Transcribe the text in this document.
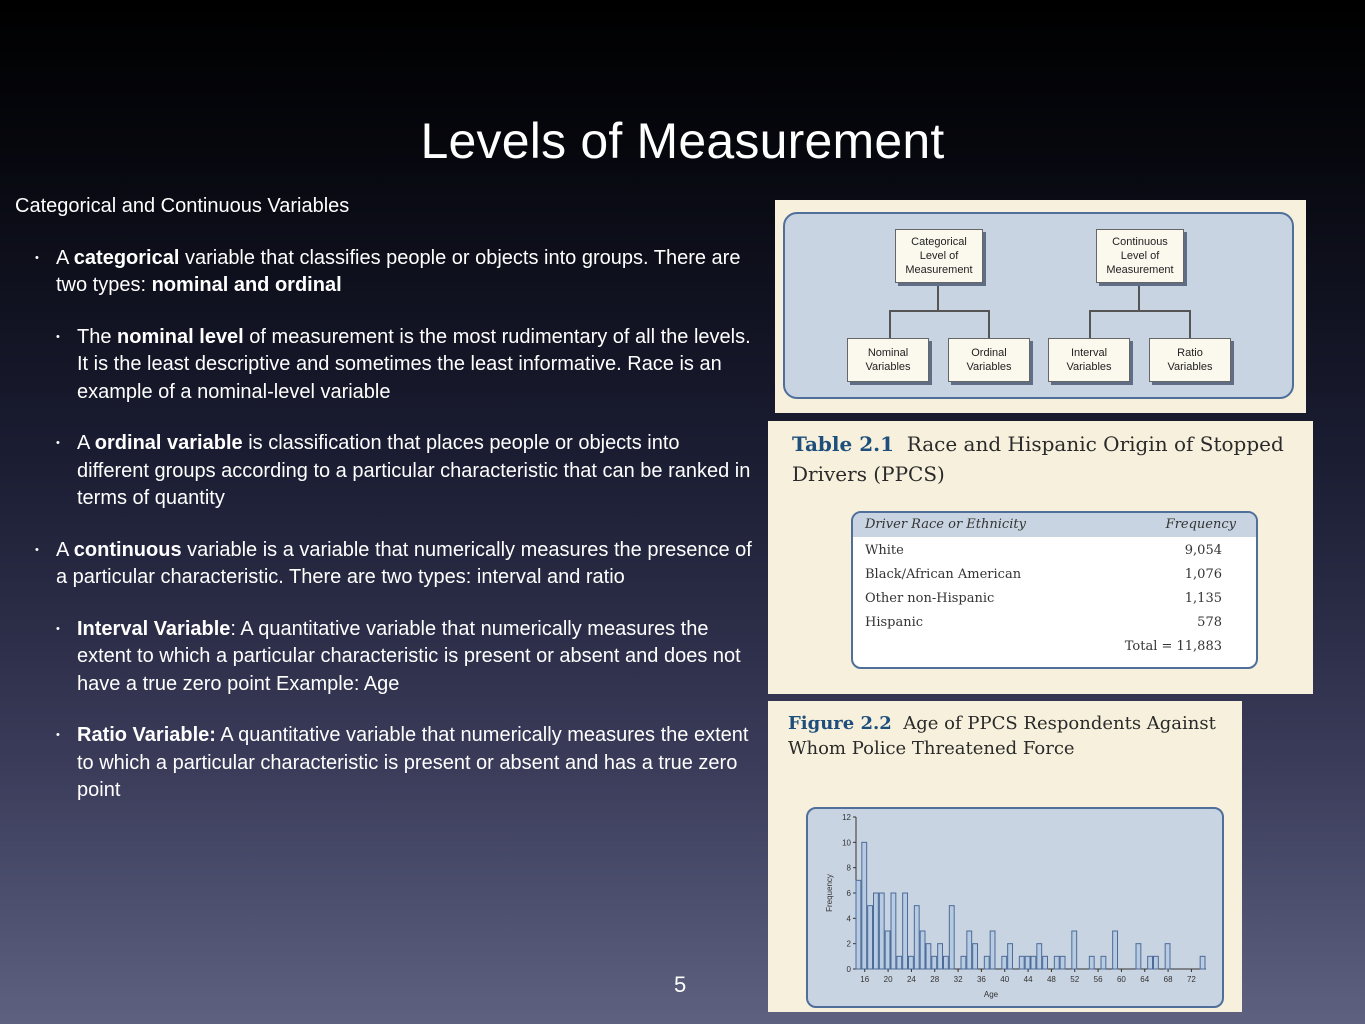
Levels of Measurement
Categorical and Continuous Variables
• A categorical variable that classifies people or objects into groups. There are two types: nominal and ordinal
• The nominal level of measurement is the most rudimentary of all the levels. It is the least descriptive and sometimes the least informative. Race is an example of a nominal-level variable
• A ordinal variable is classification that places people or objects into different groups according to a particular characteristic that can be ranked in terms of quantity
• A continuous variable is a variable that numerically measures the presence of a particular characteristic. There are two types: interval and ratio
• Interval Variable: A quantitative variable that numerically measures the extent to which a particular characteristic is present or absent and does not have a true zero point Example: Age
• Ratio Variable: A quantitative variable that numerically measures the extent to which a particular characteristic is present or absent and has a true zero point
Categorical
Level of
Measurement
Continuous
Level of
Measurement
Nominal
Variables
Ordinal
Variables
Interval
Variables
Ratio
Variables
Table 2.1 Race and Hispanic Origin of Stopped Drivers (PPCS)
Driver Race or Ethnicity	Frequency
White	9,054
Black/African American	1,076
Other non-Hispanic	1,135
Hispanic	578
Total = 11,883
Figure 2.2 Age of PPCS Respondents Against Whom Police Threatened Force
0
2
4
6
8
10
12
16 20 24 28 32 36 40 44 48 52 56 60 64 68 72
Age
Frequency
5
